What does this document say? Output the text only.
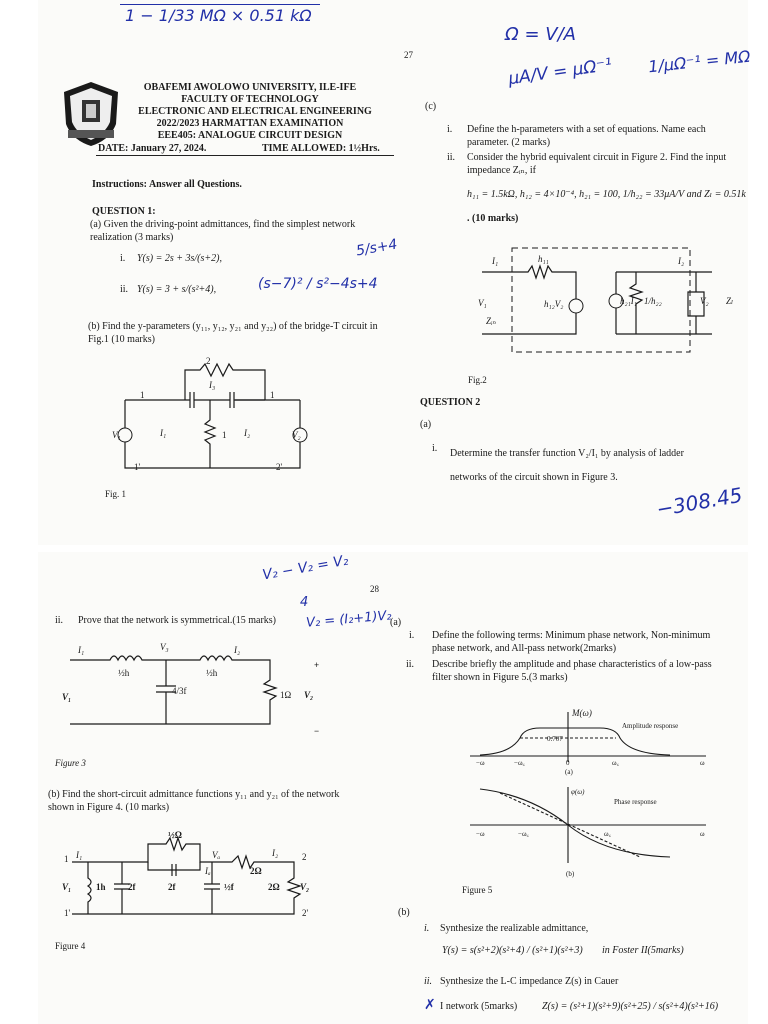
1 − 1/33 MΩ × 0.51 kΩ
Ω = V/A
27	μA/V = μΩ⁻¹ 1/μΩ⁻¹ = MΩ
OBAFEMI AWOLOWO UNIVERSITY, ILE-IFE
FACULTY OF TECHNOLOGY
ELECTRONIC AND ELECTRICAL ENGINEERING
2022/2023 HARMATTAN EXAMINATION
EEE405: ANALOGUE CIRCUIT DESIGN
DATE: January 27, 2024.	TIME ALLOWED: 1½Hrs.
Instructions: Answer all Questions.
QUESTION 1:
(a) Given the driving-point admittances, find the simplest network realization (3 marks)
i. Y(s) = 2s + 3s/(s+2),
ii. Y(s) = 3 + s/(s²+4),
5/s+4
(s−7)² / s²−4s+4
(b) Find the y-parameters (y₁₁, y₁₂, y₂₁ and y₂₂) of the bridge-T circuit in Fig.1 (10 marks)
2
I₃
1	1
V₁	I₁	1 I₂	V₂
1'	2'
Fig. 1
(c)
i. Define the h-parameters with a set of equations. Name each parameter. (2 marks)
ii. Consider the hybrid equivalent circuit in Figure 2. Find the input impedance Zᵢₙ, if
h₁₁ = 1.5kΩ, h₁₂ = 4×10⁻⁴, h₂₁ = 100, 1/h₂₂ = 33μA/V and Zₗ = 0.51k
. (10 marks)
I₁	h₁₁	I₂
V₁	h₁₂V₂	h₂₁I₁ 1/h₂₂	V₂ Zₗ
Zᵢₙ
Fig.2
QUESTION 2
(a)
i. Determine the transfer function V₂/I₁ by analysis of ladder networks of the circuit shown in Figure 3.
−308.45
V₂ − V₂ = V₂
28
4
ii. Prove that the network is symmetrical.(15 marks) V₂ = (I₂+1)V₂
I₁	V₃	I₂
½h	½h
4/3f	1Ω
V₁	V₂
+
−
Figure 3
(b) Find the short-circuit admittance functions y₁₁ and y₂₁ of the network shown in Figure 4. (10 marks)
½Ω
I₁	Vₐ	I₂
2Ω
1h 2f	2f
Iₐ
½f	2Ω
V₁	V₂
1
1'
2
2'
Figure 4
(a)
i. Define the following terms: Minimum phase network, Non-minimum phase network, and All-pass network(2marks)
ii. Describe briefly the amplitude and phase characteristics of a low-pass filter shown in Figure 5.(3 marks)
M(ω)
Amplitude response
0.707
−ω	−ω꜀	0	ω꜀	ω
(a)
φ(ω)
Phase response
−ω	−ω꜀	ω꜀	ω
(b)
Figure 5
(b)
i. Synthesize the realizable admittance,
Y(s) = s(s²+2)(s²+4) / (s²+1)(s²+3) in Foster II(5marks)
ii. Synthesize the L-C impedance Z(s) in Cauer
✗ I network (5marks) Z(s) = (s²+1)(s²+9)(s²+25) / s(s²+4)(s²+16)
